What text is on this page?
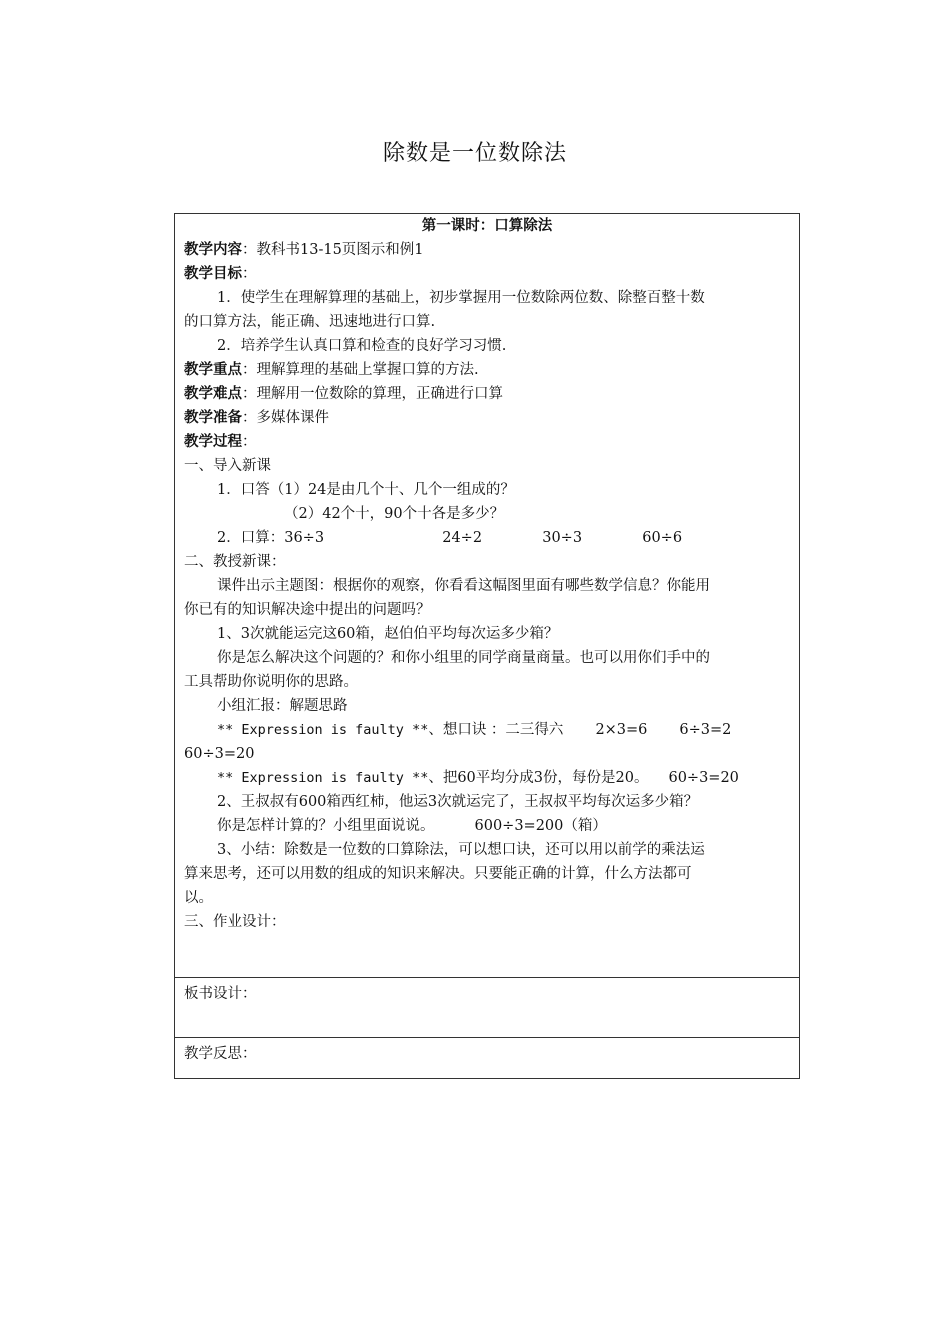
除数是一位数除法
第一课时：口算除法
教学内容：教科书13-15页图示和例1
教学目标：
1．使学生在理解算理的基础上，初步掌握用一位数除两位数、除整百整十数
的口算方法，能正确、迅速地进行口算.
2．培养学生认真口算和检查的良好学习习惯.
教学重点：理解算理的基础上掌握口算的方法.
教学难点：理解用一位数除的算理，正确进行口算
教学准备：多媒体课件
教学过程：
一、导入新课
1．口答（1）24是由几个十、几个一组成的？
（2）42个十，90个十各是多少？
2．口算：36÷3	24÷2	30÷3	60÷6
二、教授新课：
课件出示主题图：根据你的观察，你看看这幅图里面有哪些数学信息？你能用
你已有的知识解决途中提出的问题吗？
1、3次就能运完这60箱，赵伯伯平均每次运多少箱？
你是怎么解决这个问题的？和你小组里的同学商量商量。也可以用你们手中的
工具帮助你说明你的思路。
小组汇报：解题思路
** Expression is faulty **、想口诀 ：二三得六 2×3=6 6÷3=2
60÷3=20
** Expression is faulty **、把60平均分成3份，每份是20。 60÷3=20
2、王叔叔有600箱西红柿，他运3次就运完了，王叔叔平均每次运多少箱？
你是怎样计算的？小组里面说说。	600÷3=200（箱）
3、小结：除数是一位数的口算除法，可以想口诀，还可以用以前学的乘法运
算来思考，还可以用数的组成的知识来解决。只要能正确的计算，什么方法都可
以。
三、作业设计：
板书设计：
教学反思：
